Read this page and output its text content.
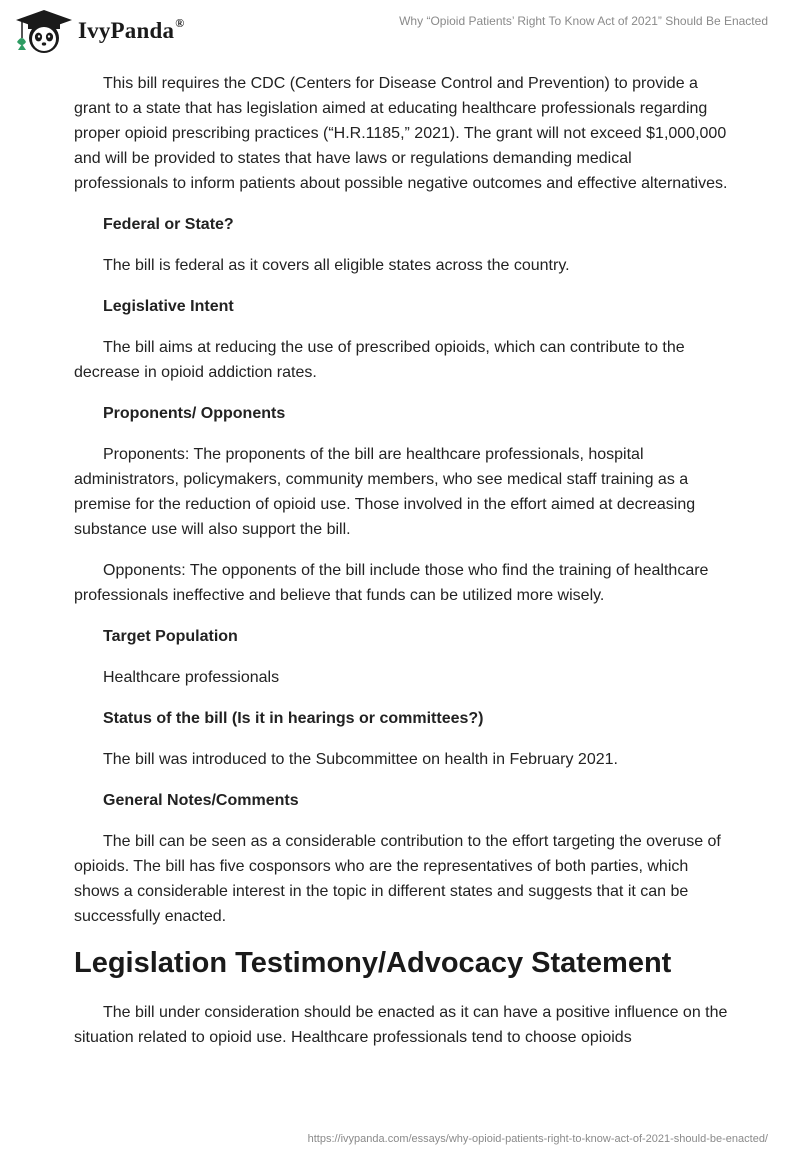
IvyPanda®	Why “Opioid Patients’ Right To Know Act of 2021” Should Be Enacted

This bill requires the CDC (Centers for Disease Control and Prevention) to provide a grant to a state that has legislation aimed at educating healthcare professionals regarding proper opioid prescribing practices (“H.R.1185,” 2021). The grant will not exceed $1,000,000 and will be provided to states that have laws or regulations demanding medical professionals to inform patients about possible negative outcomes and effective alternatives.

Federal or State?

The bill is federal as it covers all eligible states across the country.

Legislative Intent

The bill aims at reducing the use of prescribed opioids, which can contribute to the decrease in opioid addiction rates.

Proponents/ Opponents

Proponents: The proponents of the bill are healthcare professionals, hospital administrators, policymakers, community members, who see medical staff training as a premise for the reduction of opioid use. Those involved in the effort aimed at decreasing substance use will also support the bill.

Opponents: The opponents of the bill include those who find the training of healthcare professionals ineffective and believe that funds can be utilized more wisely.

Target Population

Healthcare professionals

Status of the bill (Is it in hearings or committees?)

The bill was introduced to the Subcommittee on health in February 2021.

General Notes/Comments

The bill can be seen as a considerable contribution to the effort targeting the overuse of opioids. The bill has five cosponsors who are the representatives of both parties, which shows a considerable interest in the topic in different states and suggests that it can be successfully enacted.

Legislation Testimony/Advocacy Statement

The bill under consideration should be enacted as it can have a positive influence on the situation related to opioid use. Healthcare professionals tend to choose opioids

https://ivypanda.com/essays/why-opioid-patients-right-to-know-act-of-2021-should-be-enacted/
